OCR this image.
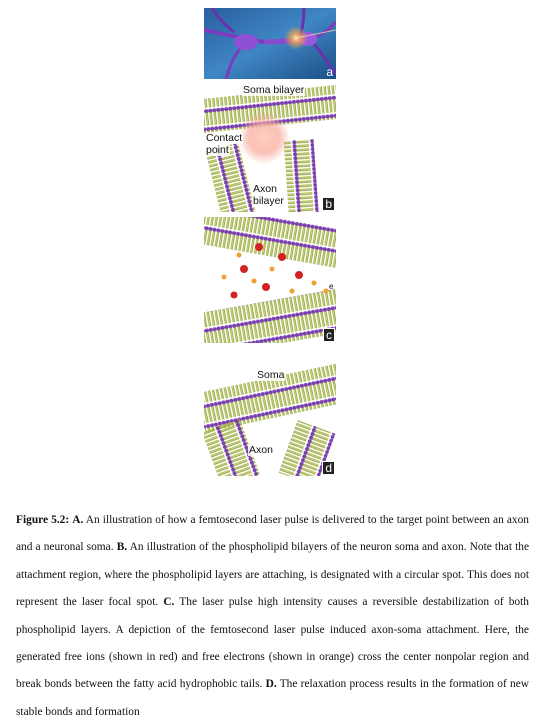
a
Soma bilayer
Contact
point
Axon
bilayer	b
e
c
Soma
Axon
d

Figure 5.2: A. An illustration of how a femtosecond laser pulse is delivered to the target point between an axon and a neuronal soma. B. An illustration of the phospholipid bilayers of the neuron soma and axon. Note that the attachment region, where the phospholipid layers are attaching, is designated with a circular spot. This does not represent the laser focal spot. C. The laser pulse high intensity causes a reversible destabilization of both phospholipid layers. A depiction of the femtosecond laser pulse induced axon-soma attachment. Here, the generated free ions (shown in red) and free electrons (shown in orange) cross the center nonpolar region and break bonds between the fatty acid hydrophobic tails. D. The relaxation process results in the formation of new stable bonds and formation
